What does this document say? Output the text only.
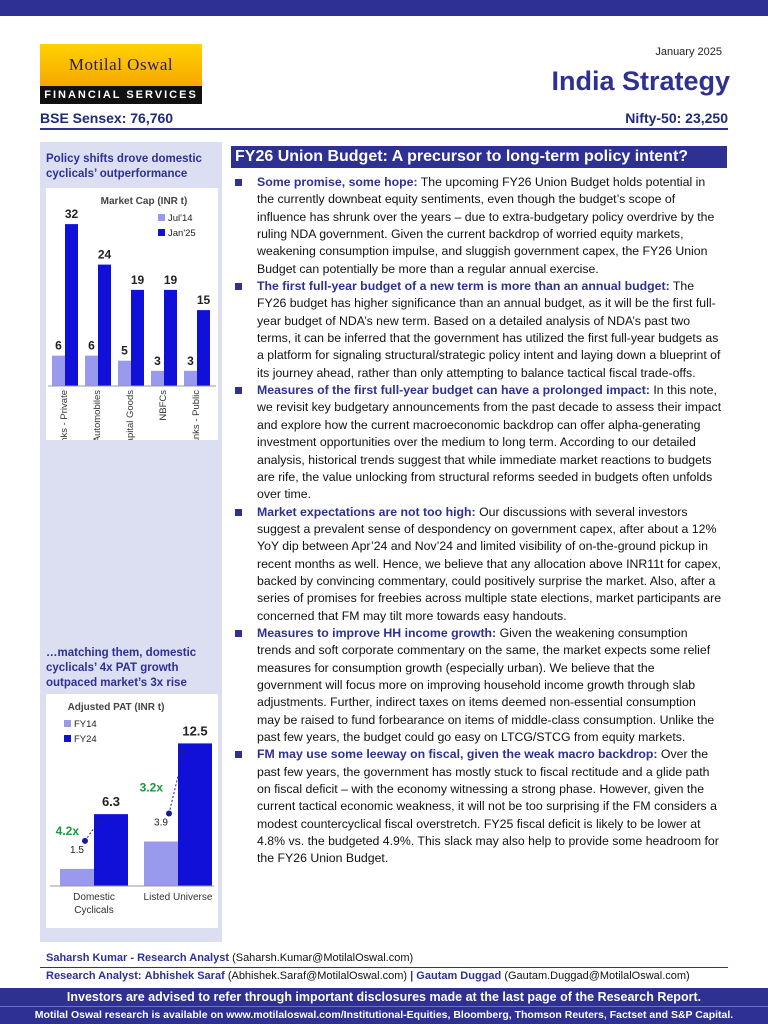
Motilal Oswal
FINANCIAL SERVICES
January 2025
India Strategy
BSE Sensex: 76,760	Nifty-50: 23,250
Policy shifts drove domestic cyclicals’ outperformance
Market Cap (INR t)
Jul'14
Jan'25
6
32
Banks - Private
6
24
Automobiles
5
19
Capital Goods
3
19
NBFCs
3
15
Banks - Public
…matching them, domestic cyclicals’ 4x PAT growth outpaced market’s 3x rise
Adjusted PAT (INR t)
FY14
FY24
1.5
6.3
4.2x
Domestic
Cyclicals
3.9
12.5
3.2x
Listed Universe
FY26 Union Budget: A precursor to long-term policy intent?
Some promise, some hope: The upcoming FY26 Union Budget holds potential in the currently downbeat equity sentiments, even though the budget’s scope of influence has shrunk over the years – due to extra-budgetary policy overdrive by the ruling NDA government. Given the current backdrop of worried equity markets, weakening consumption impulse, and sluggish government capex, the FY26 Union Budget can potentially be more than a regular annual exercise.
The first full-year budget of a new term is more than an annual budget: The FY26 budget has higher significance than an annual budget, as it will be the first full-year budget of NDA’s new term. Based on a detailed analysis of NDA’s past two terms, it can be inferred that the government has utilized the first full-year budgets as a platform for signaling structural/strategic policy intent and laying down a blueprint of its journey ahead, rather than only attempting to balance tactical fiscal trade-offs.
Measures of the first full-year budget can have a prolonged impact: In this note, we revisit key budgetary announcements from the past decade to assess their impact and explore how the current macroeconomic backdrop can offer alpha-generating investment opportunities over the medium to long term. According to our detailed analysis, historical trends suggest that while immediate market reactions to budgets are rife, the value unlocking from structural reforms seeded in budgets often unfolds over time.
Market expectations are not too high: Our discussions with several investors suggest a prevalent sense of despondency on government capex, after about a 12% YoY dip between Apr’24 and Nov’24 and limited visibility of on-the-ground pickup in recent months as well. Hence, we believe that any allocation above INR11t for capex, backed by convincing commentary, could positively surprise the market. Also, after a series of promises for freebies across multiple state elections, market participants are concerned that FM may tilt more towards easy handouts.
Measures to improve HH income growth: Given the weakening consumption trends and soft corporate commentary on the same, the market expects some relief measures for consumption growth (especially urban). We believe that the government will focus more on improving household income growth through slab adjustments. Further, indirect taxes on items deemed non-essential consumption may be raised to fund forbearance on items of middle-class consumption. Unlike the past few years, the budget could go easy on LTCG/STCG from equity markets.
FM may use some leeway on fiscal, given the weak macro backdrop: Over the past few years, the government has mostly stuck to fiscal rectitude and a glide path on fiscal deficit – with the economy witnessing a strong phase. However, given the current tactical economic weakness, it will not be too surprising if the FM considers a modest countercyclical fiscal overstretch. FY25 fiscal deficit is likely to be lower at 4.8% vs. the budgeted 4.9%. This slack may also help to provide some headroom for the FY26 Union Budget.
Saharsh Kumar - Research Analyst (Saharsh.Kumar@MotilalOswal.com)
Research Analyst: Abhishek Saraf (Abhishek.Saraf@MotilalOswal.com) | Gautam Duggad (Gautam.Duggad@MotilalOswal.com)
Investors are advised to refer through important disclosures made at the last page of the Research Report.
Motilal Oswal research is available on www.motilaloswal.com/Institutional-Equities, Bloomberg, Thomson Reuters, Factset and S&P Capital.
